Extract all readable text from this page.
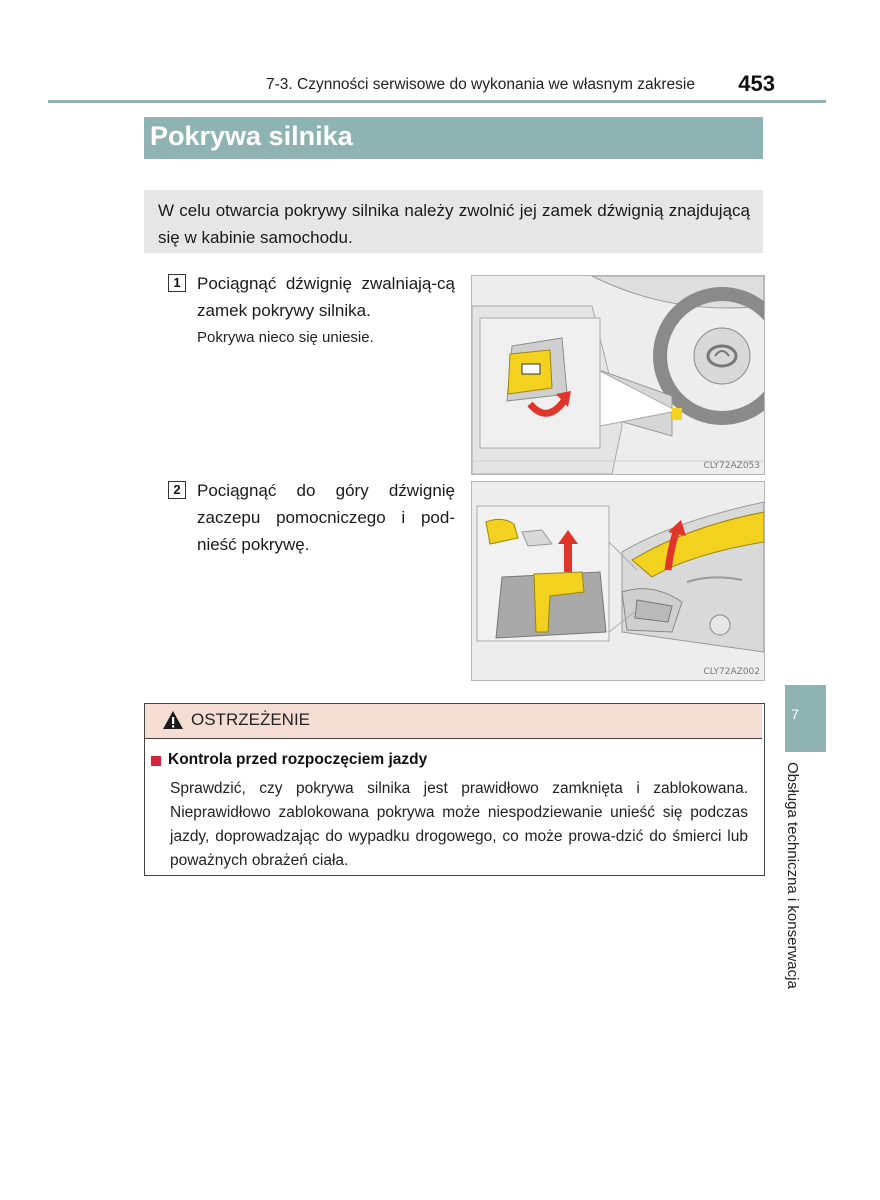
7-3. Czynności serwisowe do wykonania we własnym zakresie	453
Pokrywa silnika
W celu otwarcia pokrywy silnika należy zwolnić jej zamek dźwignią znajdującą się w kabinie samochodu.
1 Pociągnąć dźwignię zwalniają-cą zamek pokrywy silnika.
Pokrywa nieco się uniesie.
CLY72AZ053
2 Pociągnąć do góry dźwignię zaczepu pomocniczego i pod-nieść pokrywę.
CLY72AZ002
OSTRZEŻENIE
Kontrola przed rozpoczęciem jazdy
Sprawdzić, czy pokrywa silnika jest prawidłowo zamknięta i zablokowana. Nieprawidłowo zablokowana pokrywa może niespodziewanie unieść się podczas jazdy, doprowadzając do wypadku drogowego, co może prowa-dzić do śmierci lub poważnych obrażeń ciała.
7
Obsługa techniczna i konserwacja
